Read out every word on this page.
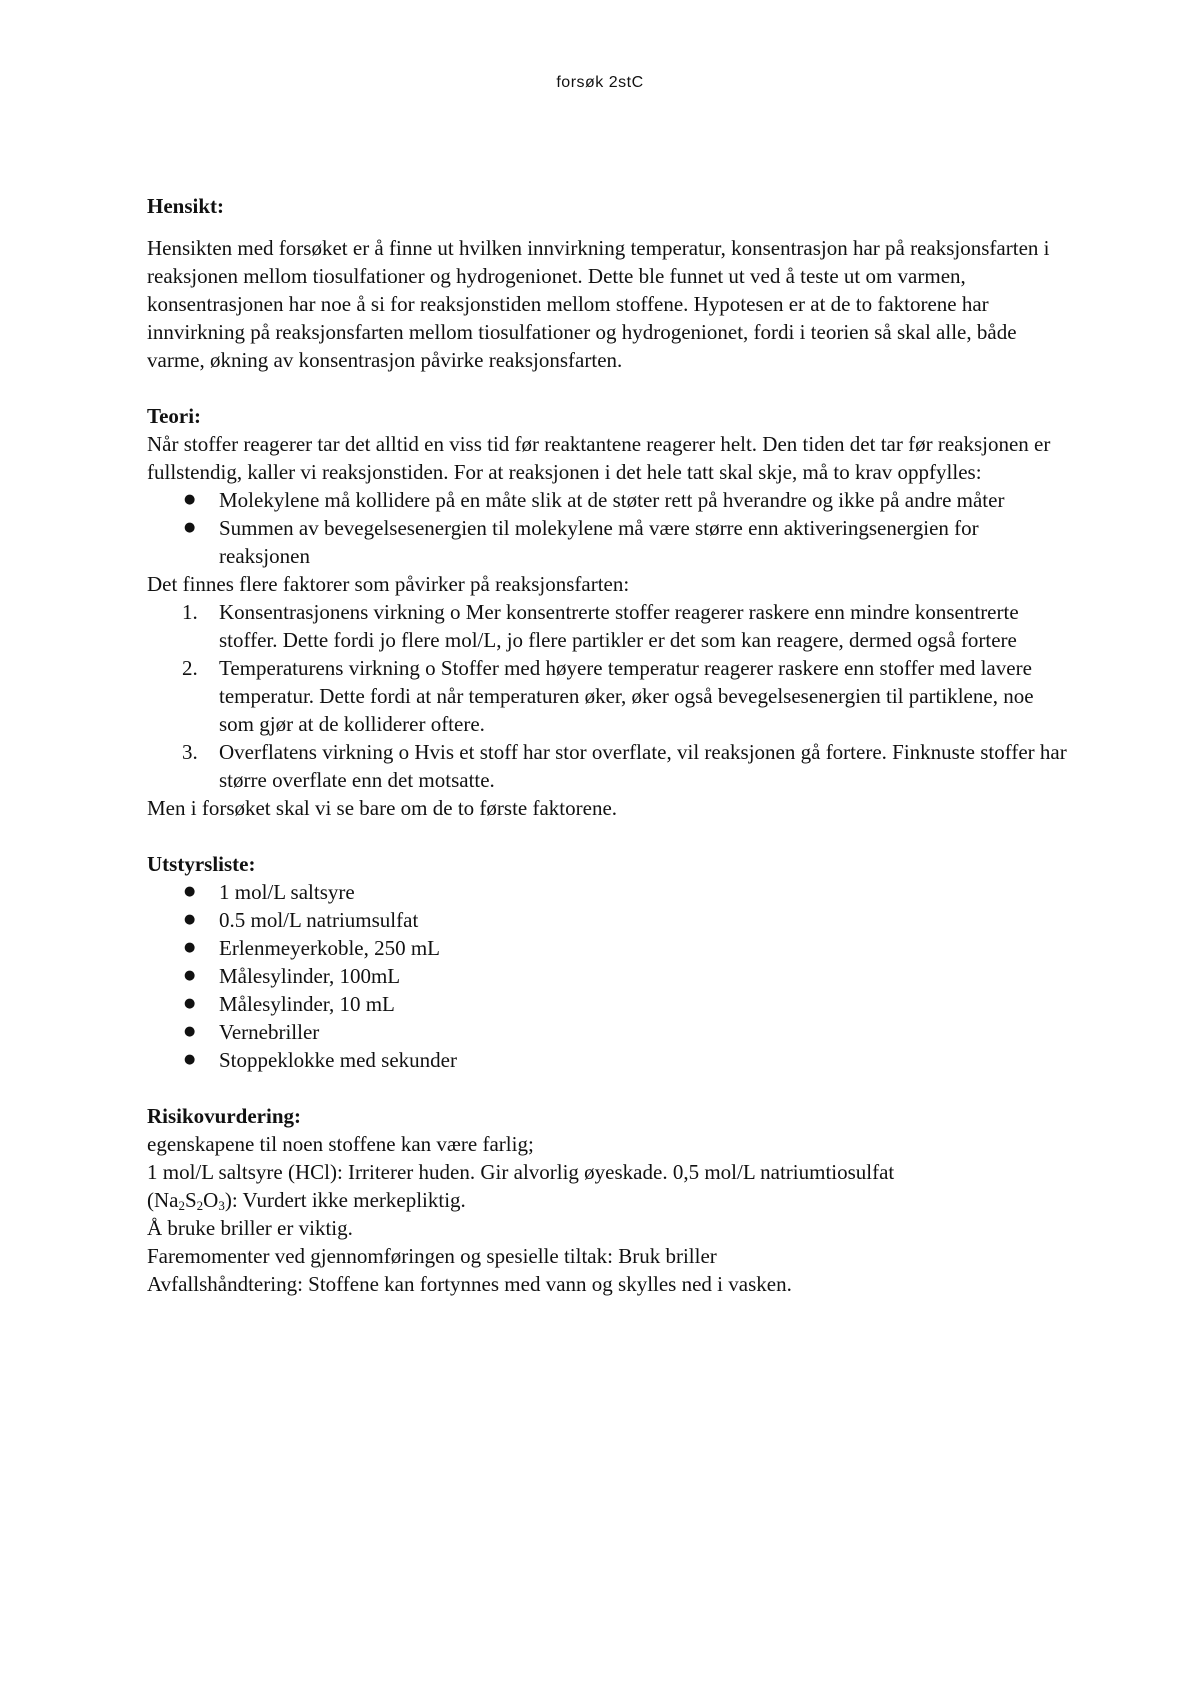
forsøk 2stC
Hensikt:

Hensikten med forsøket er å finne ut hvilken innvirkning temperatur, konsentrasjon har på reaksjonsfarten i reaksjonen mellom tiosulfationer og hydrogenionet. Dette ble funnet ut ved å teste ut om varmen, konsentrasjonen har noe å si for reaksjonstiden mellom stoffene. Hypotesen er at de to faktorene har innvirkning på reaksjonsfarten mellom tiosulfationer og hydrogenionet, fordi i teorien så skal alle, både varme, økning av konsentrasjon påvirke reaksjonsfarten.

Teori:

Når stoffer reagerer tar det alltid en viss tid før reaktantene reagerer helt. Den tiden det tar før reaksjonen er fullstendig, kaller vi reaksjonstiden. For at reaksjonen i det hele tatt skal skje, må to krav oppfylles:

● Molekylene må kollidere på en måte slik at de støter rett på hverandre og ikke på andre måter
● Summen av bevegelsesenergien til molekylene må være større enn aktiveringsenergien for reaksjonen

Det finnes flere faktorer som påvirker på reaksjonsfarten:

1. Konsentrasjonens virkning o Mer konsentrerte stoffer reagerer raskere enn mindre konsentrerte stoffer. Dette fordi jo flere mol/L, jo flere partikler er det som kan reagere, dermed også fortere
2. Temperaturens virkning o Stoffer med høyere temperatur reagerer raskere enn stoffer med lavere temperatur. Dette fordi at når temperaturen øker, øker også bevegelsesenergien til partiklene, noe som gjør at de kolliderer oftere.
3. Overflatens virkning o Hvis et stoff har stor overflate, vil reaksjonen gå fortere. Finknuste stoffer har større overflate enn det motsatte.

Men i forsøket skal vi se bare om de to første faktorene.

Utstyrsliste:
● 1 mol/L saltsyre
● 0.5 mol/L natriumsulfat
● Erlenmeyerkoble, 250 mL
● Målesylinder, 100mL
● Målesylinder, 10 mL
● Vernebriller
● Stoppeklokke med sekunder
Risikovurdering:

egenskapene til noen stoffene kan være farlig;

1 mol/L saltsyre (HCl): Irriterer huden. Gir alvorlig øyeskade. 0,5 mol/L natriumtiosulfat

$(Na_2S_2O_3)$: Vurdert ikke merkepliktig.

Å bruke briller er viktig.

Faremomenter ved gjennomføringen og spesielle tiltak: Bruk briller

Avfallshåndtering: Stoffene kan fortynnes med vann og skylles ned i vasken.
